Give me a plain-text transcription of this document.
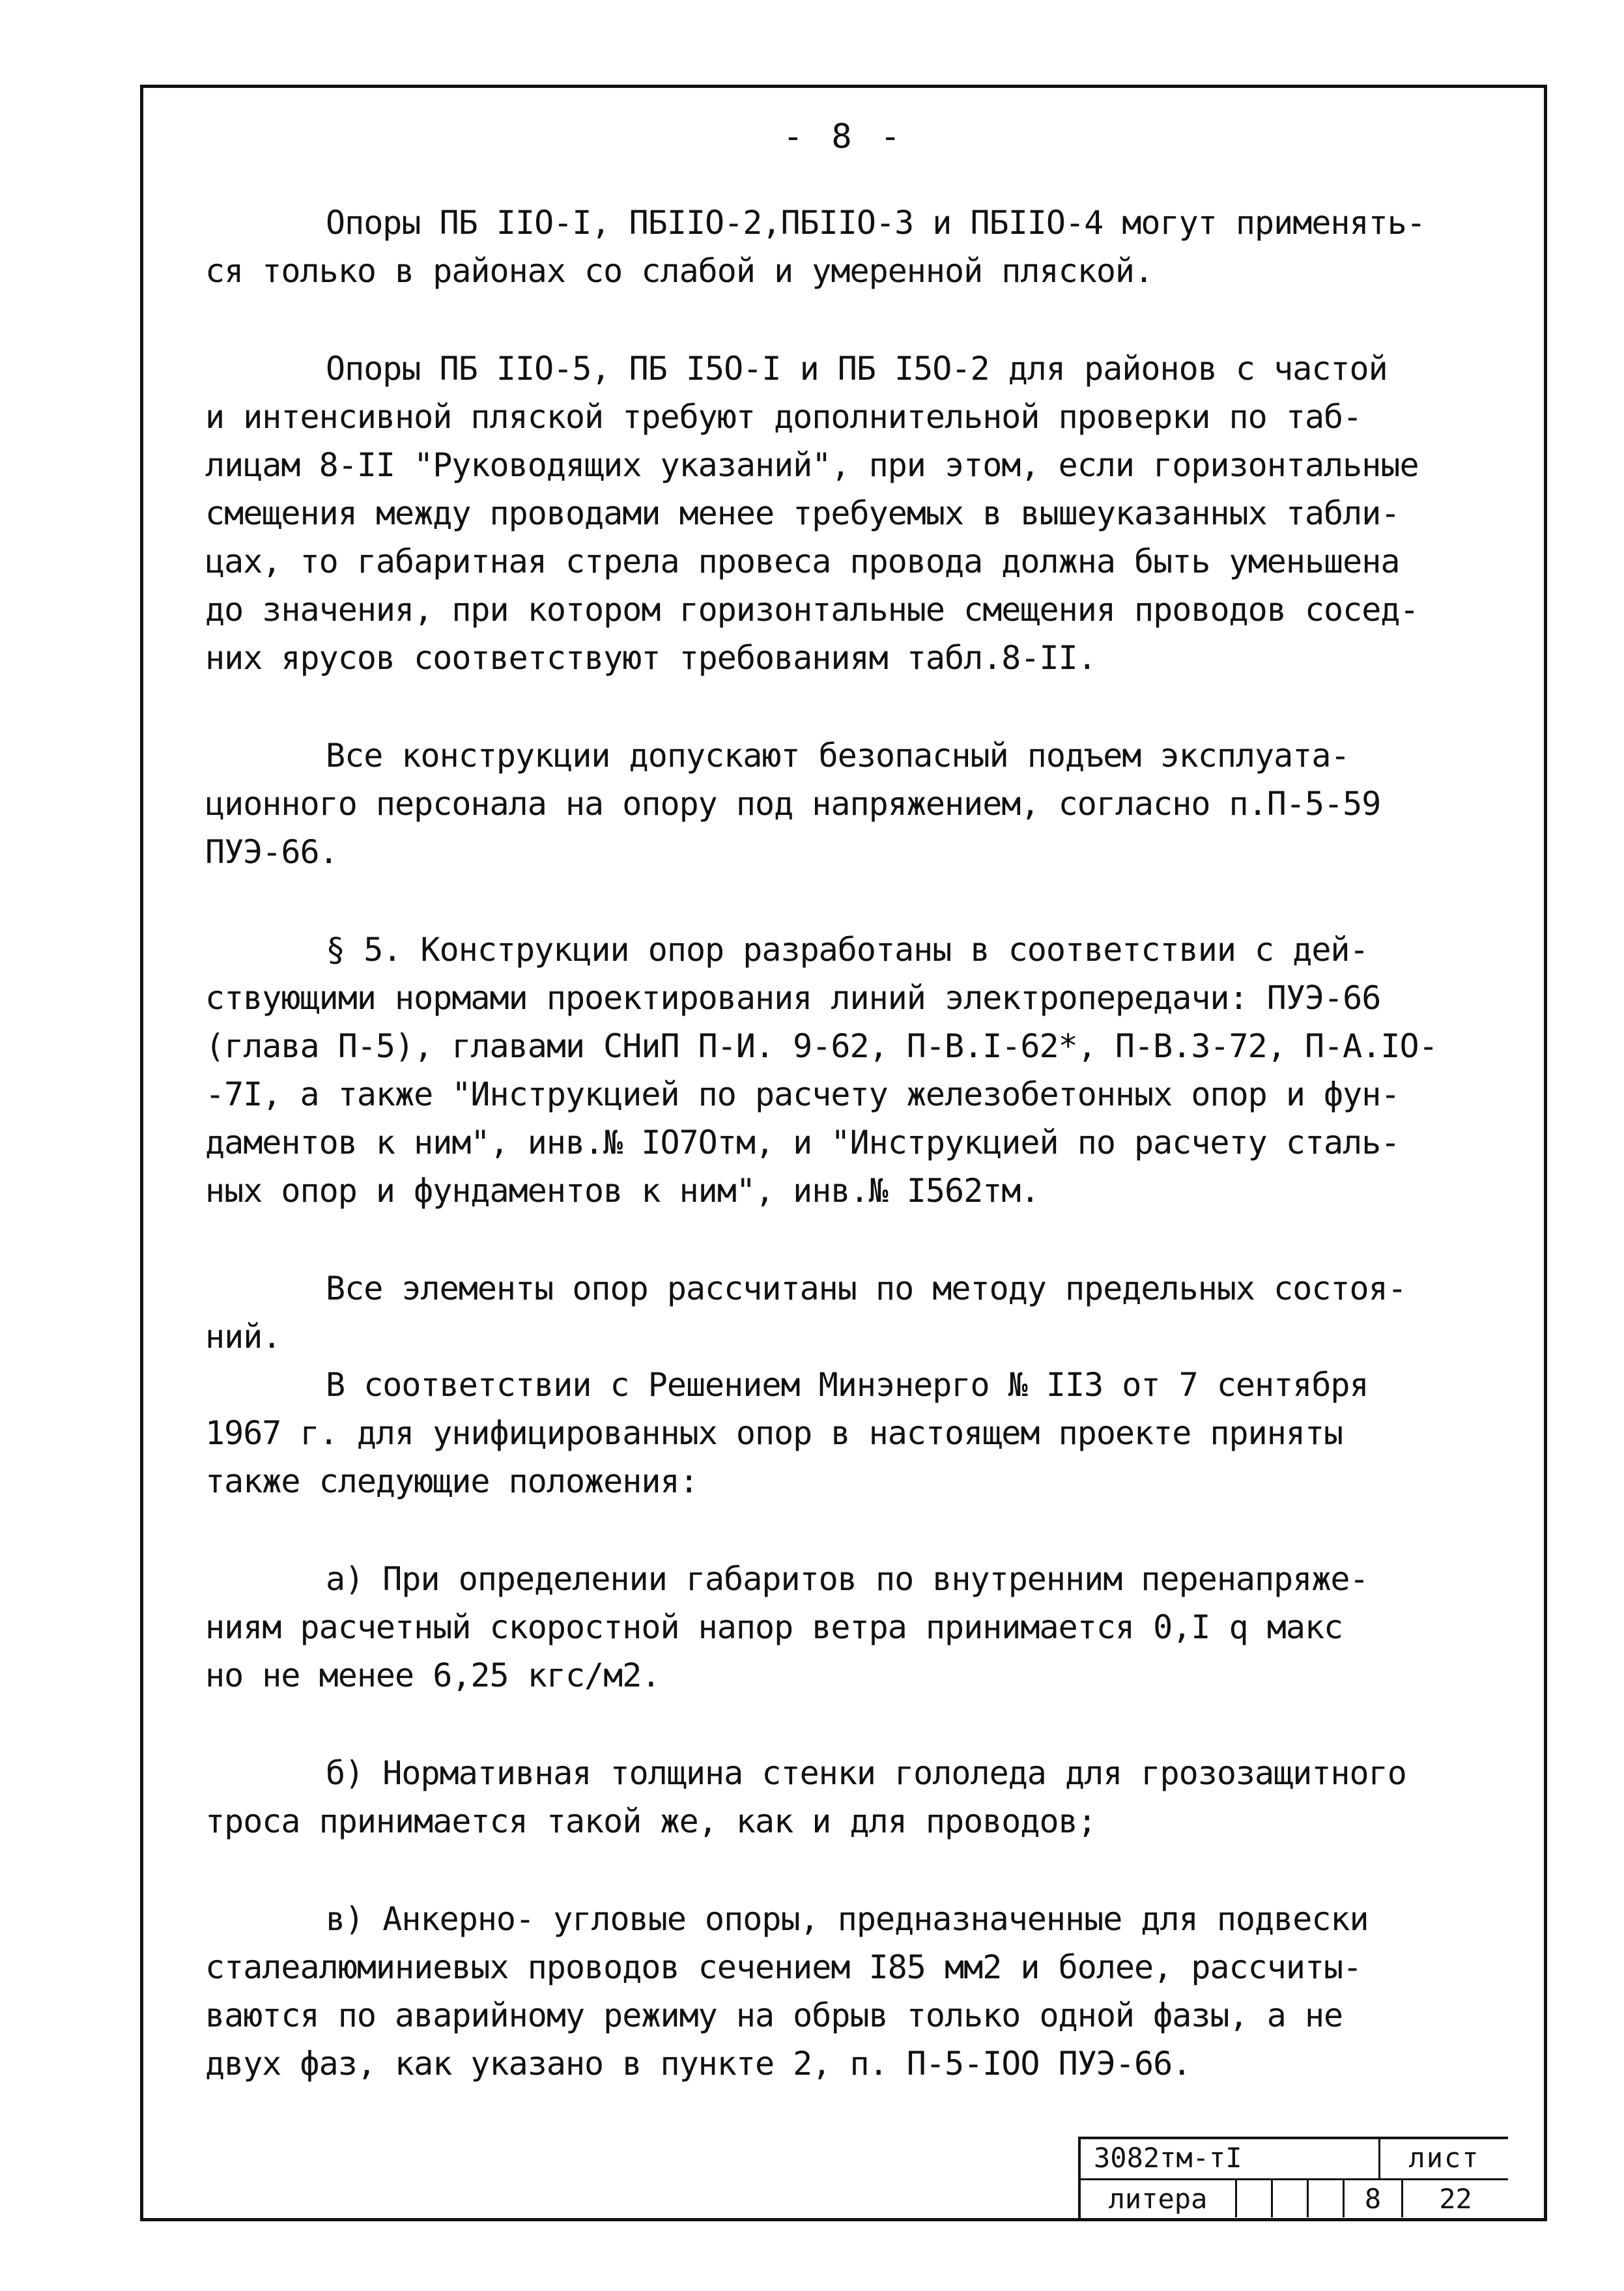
- 8 -
Опоры ПБ IIO-I, ПБIIO-2,ПБIIO-3 и ПБIIO-4 могут применять-
ся только в районах со слабой и умеренной пляской.
Опоры ПБ IIO-5, ПБ I5O-I и ПБ I5O-2 для районов с частой
и интенсивной пляской требуют дополнительной проверки по таб-
лицам 8-II "Руководящих указаний", при этом, если горизонтальные
смещения между проводами менее требуемых в вышеуказанных табли-
цах, то габаритная стрела провеса провода должна быть уменьшена
до значения, при котором горизонтальные смещения проводов сосед-
них ярусов соответствуют требованиям табл.8-II.
Все конструкции допускают безопасный подъем эксплуата-
ционного персонала на опору под напряжением, согласно п.П-5-59
ПУЭ-66.
§ 5. Конструкции опор разработаны в соответствии с дей-
ствующими нормами проектирования линий электропередачи: ПУЭ-66
(глава П-5), главами СНиП П-И. 9-62, П-В.I-62*, П-В.3-72, П-А.IO-
-7I, а также "Инструкцией по расчету железобетонных опор и фун-
даментов к ним", инв.№ IO7Oтм, и "Инструкцией по расчету сталь-
ных опор и фундаментов к ним", инв.№ I562тм.
Все элементы опор рассчитаны по методу предельных состоя-
ний.
В соответствии с Решением Минэнерго № II3 от 7 сентября
1967 г. для унифицированных опор в настоящем проекте приняты
также следующие положения:
а) При определении габаритов по внутренним перенапряже-
ниям расчетный скоростной напор ветра принимается 0,I q макс
но не менее 6,25 кгс/м2.
б) Нормативная толщина стенки гололеда для грозозащитного
троса принимается такой же, как и для проводов;
в) Анкерно- угловые опоры, предназначенные для подвески
сталеалюминиевых проводов сечением I85 мм2 и более, рассчиты-
ваются по аварийному режиму на обрыв только одной фазы, а не
двух фаз, как указано в пункте 2, п. П-5-IOO ПУЭ-66.
3082тм-тI	лист
литера	8	22
